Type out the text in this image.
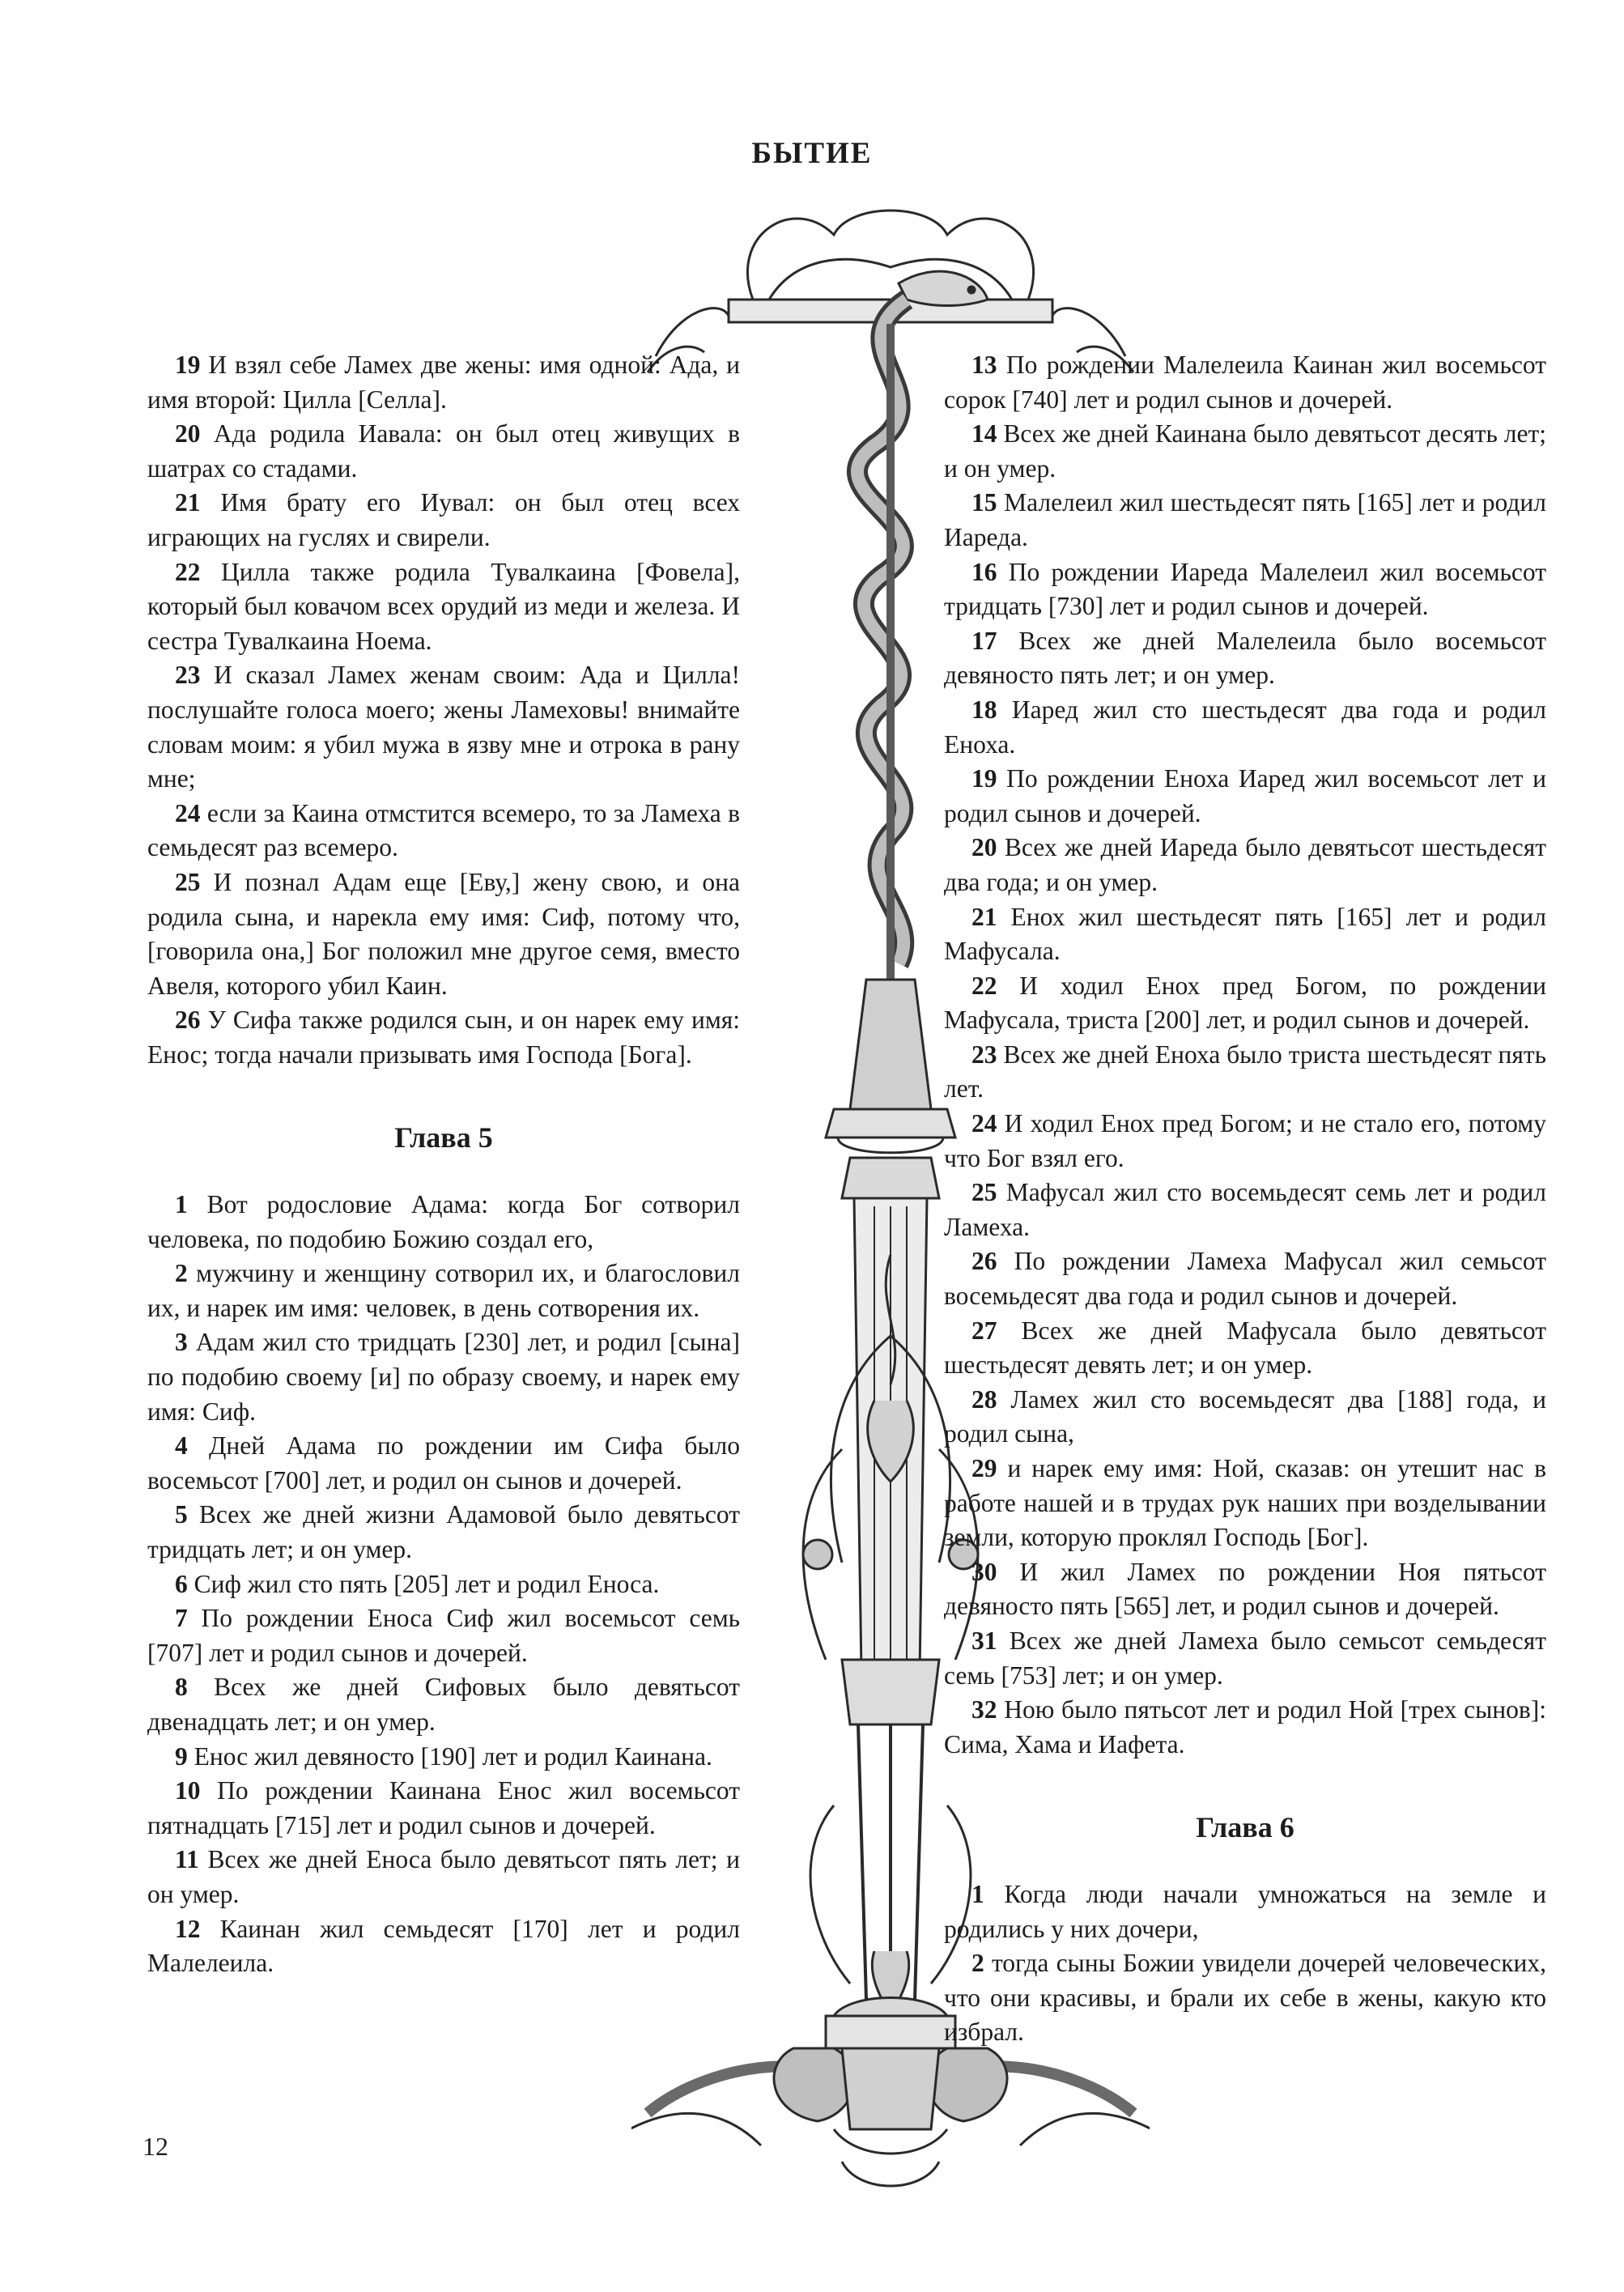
БЫТИЕ

19 И взял себе Ламех две жены: имя одной: Ада, и имя второй: Цилла [Селла].

20 Ада родила Иавала: он был отец живущих в шатрах со стадами.

21 Имя брату его Иувал: он был отец всех играющих на гуслях и свирели.

22 Цилла также родила Тувалкаина [Фовела], который был ковачом всех орудий из меди и железа. И сестра Тувалкаина Ноема.

23 И сказал Ламех женам своим: Ада и Цилла! послушайте голоса моего; жены Ламеховы! внимайте словам моим: я убил мужа в язву мне и отрока в рану мне;

24 если за Каина отмстится всемеро, то за Ламеха в семьдесят раз всемеро.

25 И познал Адам еще [Еву,] жену свою, и она родила сына, и нарекла ему имя: Сиф, потому что, [говорила она,] Бог положил мне другое семя, вместо Авеля, которого убил Каин.

26 У Сифа также родился сын, и он нарек ему имя: Енос; тогда начали призывать имя Господа [Бога].

Глава 5

1 Вот родословие Адама: когда Бог сотворил человека, по подобию Божию создал его,

2 мужчину и женщину сотворил их, и благословил их, и нарек им имя: человек, в день сотворения их.

3 Адам жил сто тридцать [230] лет, и родил [сына] по подобию своему [и] по образу своему, и нарек ему имя: Сиф.

4 Дней Адама по рождении им Сифа было восемьсот [700] лет, и родил он сынов и дочерей.

5 Всех же дней жизни Адамовой было девятьсот тридцать лет; и он умер.

6 Сиф жил сто пять [205] лет и родил Еноса.

7 По рождении Еноса Сиф жил восемьсот семь [707] лет и родил сынов и дочерей.

8 Всех же дней Сифовых было девятьсот двенадцать лет; и он умер.

9 Енос жил девяносто [190] лет и родил Каинана.

10 По рождении Каинана Енос жил восемьсот пятнадцать [715] лет и родил сынов и дочерей.

11 Всех же дней Еноса было девятьсот пять лет; и он умер.

12 Каинан жил семьдесят [170] лет и родил Малелеила.

13 По рождении Малелеила Каинан жил восемьсот сорок [740] лет и родил сынов и дочерей.

14 Всех же дней Каинана было девятьсот десять лет; и он умер.

15 Малелеил жил шестьдесят пять [165] лет и родил Иареда.

16 По рождении Иареда Малелеил жил восемьсот тридцать [730] лет и родил сынов и дочерей.

17 Всех же дней Малелеила было восемьсот девяносто пять лет; и он умер.

18 Иаред жил сто шестьдесят два года и родил Еноха.

19 По рождении Еноха Иаред жил восемьсот лет и родил сынов и дочерей.

20 Всех же дней Иареда было девятьсот шестьдесят два года; и он умер.

21 Енох жил шестьдесят пять [165] лет и родил Мафусала.

22 И ходил Енох пред Богом, по рождении Мафусала, триста [200] лет, и родил сынов и дочерей.

23 Всех же дней Еноха было триста шестьдесят пять лет.

24 И ходил Енох пред Богом; и не стало его, потому что Бог взял его.

25 Мафусал жил сто восемьдесят семь лет и родил Ламеха.

26 По рождении Ламеха Мафусал жил семьсот восемьдесят два года и родил сынов и дочерей.

27 Всех же дней Мафусала было девятьсот шестьдесят девять лет; и он умер.

28 Ламех жил сто восемьдесят два [188] года, и родил сына,

29 и нарек ему имя: Ной, сказав: он утешит нас в работе нашей и в трудах рук наших при возделывании земли, которую проклял Господь [Бог].

30 И жил Ламех по рождении Ноя пятьсот девяносто пять [565] лет, и родил сынов и дочерей.

31 Всех же дней Ламеха было семьсот семьдесят семь [753] лет; и он умер.

32 Ною было пятьсот лет и родил Ной [трех сынов]: Сима, Хама и Иафета.

Глава 6

1 Когда люди начали умножаться на земле и родились у них дочери,

2 тогда сыны Божии увидели дочерей человеческих, что они красивы, и брали их себе в жены, какую кто избрал.

12
